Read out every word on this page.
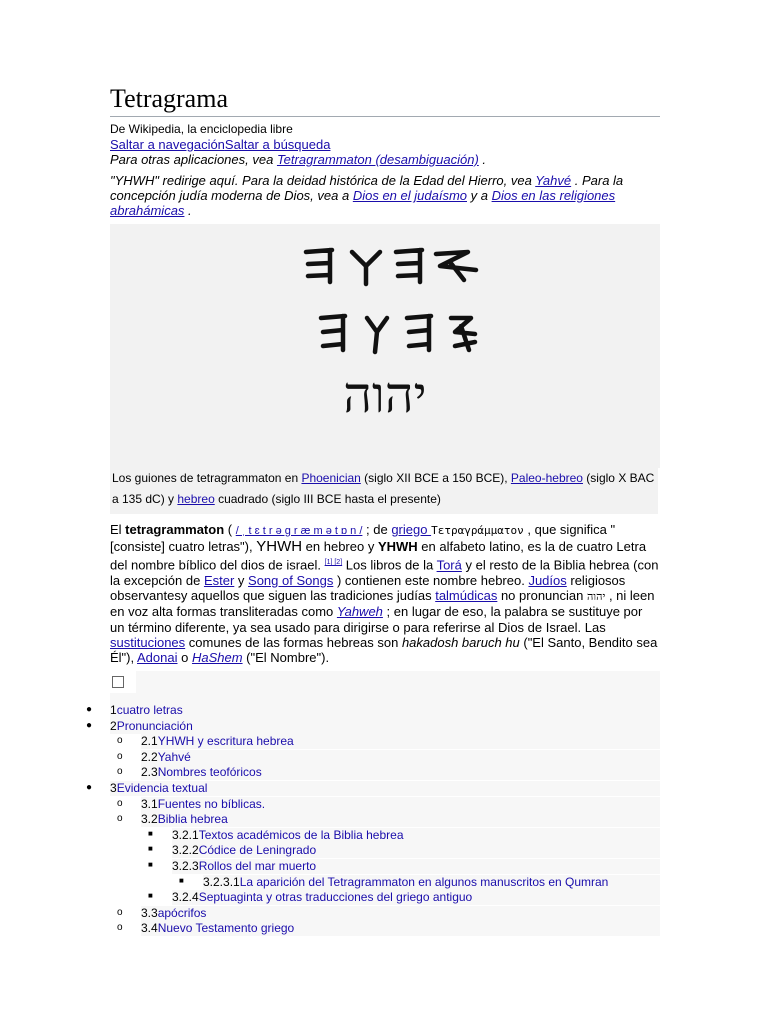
Tetragrama
De Wikipedia, la enciclopedia libre
Saltar a navegaciónSaltar a búsqueda
Para otras aplicaciones, vea Tetragrammaton (desambiguación) .
"YHWH" redirige aquí. Para la deidad histórica de la Edad del Hierro, vea Yahvé . Para la concepción judía moderna de Dios, vea a Dios en el judaísmo y a Dios en las religiones abrahámicas .
יהוה
Los guiones de tetragrammaton en Phoenician (siglo XII BCE a 150 BCE), Paleo-hebreo (siglo X BAC a 135 dC) y hebreo cuadrado (siglo III BCE hasta el presente)
El tetragrammaton ( / ˌ t ɛ t r ə ɡ r æ m ə t ɒ n / ; de griego Τετραγράμματον , que significa "[consiste] cuatro letras"), YHWH en hebreo y YHWH en alfabeto latino, es la de cuatro Letra del nombre bíblico del dios de israel. [1] [2] Los libros de la Torá y el resto de la Biblia hebrea (con la excepción de Ester y Song of Songs ) contienen este nombre hebreo. Judíos religiosos observantesy aquellos que siguen las tradiciones judías talmúdicas no pronuncian יהוה , ni leen en voz alta formas transliteradas como Yahweh ; en lugar de eso, la palabra se sustituye por un término diferente, ya sea usado para dirigirse o para referirse al Dios de Israel. Las sustituciones comunes de las formas hebreas son hakadosh baruch hu ("El Santo, Bendito sea Él"), Adonai o HaShem ("El Nombre").
● 1cuatro letras
● 2Pronunciación
o 2.1YHWH y escritura hebrea
o 2.2Yahvé
o 2.3Nombres teofóricos
● 3Evidencia textual
o 3.1Fuentes no bíblicas.
o 3.2Biblia hebrea
■ 3.2.1Textos académicos de la Biblia hebrea
■ 3.2.2Códice de Leningrado
■ 3.2.3Rollos del mar muerto
■ 3.2.3.1La aparición del Tetragrammaton en algunos manuscritos en Qumran
■ 3.2.4Septuaginta y otras traducciones del griego antiguo
o 3.3apócrifos
o 3.4Nuevo Testamento griego
